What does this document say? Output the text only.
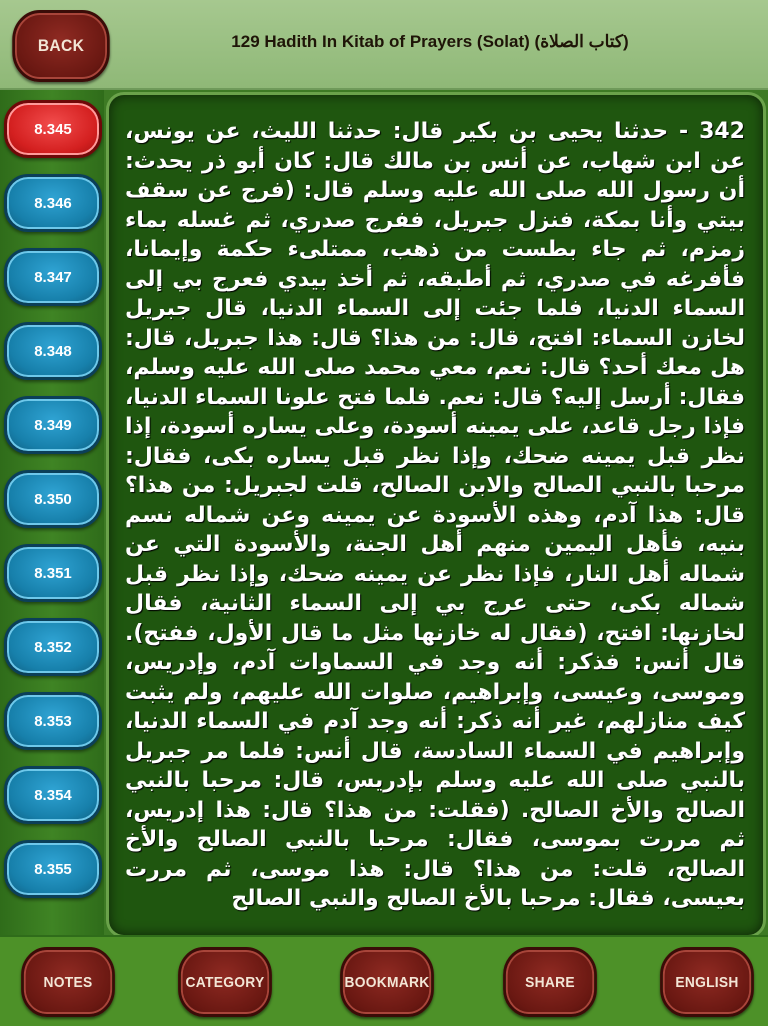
BACK	129 Hadith In Kitab of Prayers (Solat) (كتاب الصلاة)
8.345
8.346
8.347
8.348
8.349
8.350
8.351
8.352
8.353
8.354
8.355
342 - حدثنا يحيى بن بكير قال: حدثنا الليث، عن يونس، عن ابن شهاب، عن أنس بن مالك قال: كان أبو ذر يحدث: أن رسول الله صلى الله عليه وسلم قال: (فرج عن سقف بيتي وأنا بمكة، فنزل جبريل، ففرج صدري، ثم غسله بماء زمزم، ثم جاء بطست من ذهب، ممتلىء حكمة وإيمانا، فأفرغه في صدري، ثم أطبقه، ثم أخذ بيدي فعرج بي إلى السماء الدنيا، فلما جئت إلى السماء الدنيا، قال جبريل لخازن السماء: افتح، قال: من هذا؟ قال: هذا جبريل، قال: هل معك أحد؟ قال: نعم، معي محمد صلى الله عليه وسلم، فقال: أرسل إليه؟ قال: نعم. فلما فتح علونا السماء الدنيا، فإذا رجل قاعد، على يمينه أسودة، وعلى يساره أسودة، إذا نظر قبل يمينه ضحك، وإذا نظر قبل يساره بكى، فقال: مرحبا بالنبي الصالح والابن الصالح، قلت لجبريل: من هذا؟ قال: هذا آدم، وهذه الأسودة عن يمينه وعن شماله نسم بنيه، فأهل اليمين منهم أهل الجنة، والأسودة التي عن شماله أهل النار، فإذا نظر عن يمينه ضحك، وإذا نظر قبل شماله بكى، حتى عرج بي إلى السماء الثانية، فقال لخازنها: افتح، (فقال له خازنها مثل ما قال الأول، ففتح). قال أنس: فذكر: أنه وجد في السماوات آدم، وإدريس، وموسى، وعيسى، وإبراهيم، صلوات الله عليهم، ولم يثبت كيف منازلهم، غير أنه ذكر: أنه وجد آدم في السماء الدنيا، وإبراهيم في السماء السادسة، قال أنس: فلما مر جبريل بالنبي صلى الله عليه وسلم بإدريس، قال: مرحبا بالنبي الصالح والأخ الصالح. (فقلت: من هذا؟ قال: هذا إدريس، ثم مررت بموسى، فقال: مرحبا بالنبي الصالح والأخ الصالح، قلت: من هذا؟ قال: هذا موسى، ثم مررت بعيسى، فقال: مرحبا بالأخ الصالح والنبي الصالح
NOTES	CATEGORY	BOOKMARK	SHARE	ENGLISH
